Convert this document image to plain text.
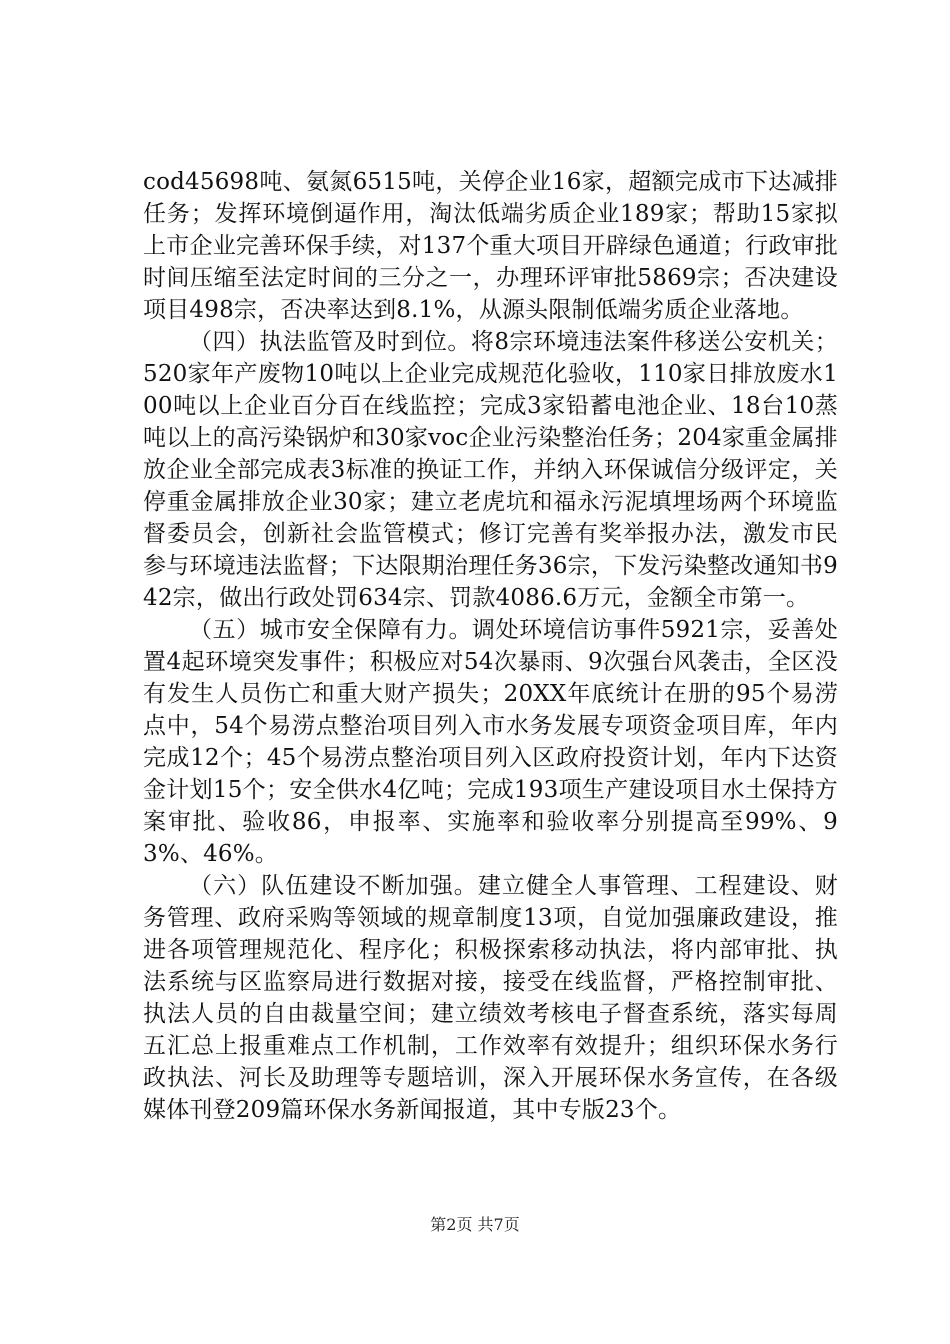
cod45698吨、氨氮6515吨，关停企业16家，超额完成市下达减排任务；发挥环境倒逼作用，淘汰低端劣质企业189家；帮助15家拟上市企业完善环保手续，对137个重大项目开辟绿色通道；行政审批时间压缩至法定时间的三分之一，办理环评审批5869宗；否决建设项目498宗，否决率达到8.1%，从源头限制低端劣质企业落地。

（四）执法监管及时到位。将8宗环境违法案件移送公安机关；520家年产废物10吨以上企业完成规范化验收，110家日排放废水100吨以上企业百分百在线监控；完成3家铅蓄电池企业、18台10蒸吨以上的高污染锅炉和30家voc企业污染整治任务；204家重金属排放企业全部完成表3标准的换证工作，并纳入环保诚信分级评定，关停重金属排放企业30家；建立老虎坑和福永污泥填埋场两个环境监督委员会，创新社会监管模式；修订完善有奖举报办法，激发市民参与环境违法监督；下达限期治理任务36宗，下发污染整改通知书942宗，做出行政处罚634宗、罚款4086.6万元，金额全市第一。

（五）城市安全保障有力。调处环境信访事件5921宗，妥善处置4起环境突发事件；积极应对54次暴雨、9次强台风袭击，全区没有发生人员伤亡和重大财产损失；20XX年底统计在册的95个易涝点中，54个易涝点整治项目列入市水务发展专项资金项目库，年内完成12个；45个易涝点整治项目列入区政府投资计划，年内下达资金计划15个；安全供水4亿吨；完成193项生产建设项目水土保持方案审批、验收86，申报率、实施率和验收率分别提高至99%、93%、46%。

（六）队伍建设不断加强。建立健全人事管理、工程建设、财务管理、政府采购等领域的规章制度13项，自觉加强廉政建设，推进各项管理规范化、程序化；积极探索移动执法，将内部审批、执法系统与区监察局进行数据对接，接受在线监督，严格控制审批、执法人员的自由裁量空间；建立绩效考核电子督查系统，落实每周五汇总上报重难点工作机制，工作效率有效提升；组织环保水务行政执法、河长及助理等专题培训，深入开展环保水务宣传，在各级媒体刊登209篇环保水务新闻报道，其中专版23个。

第2页 共7页
